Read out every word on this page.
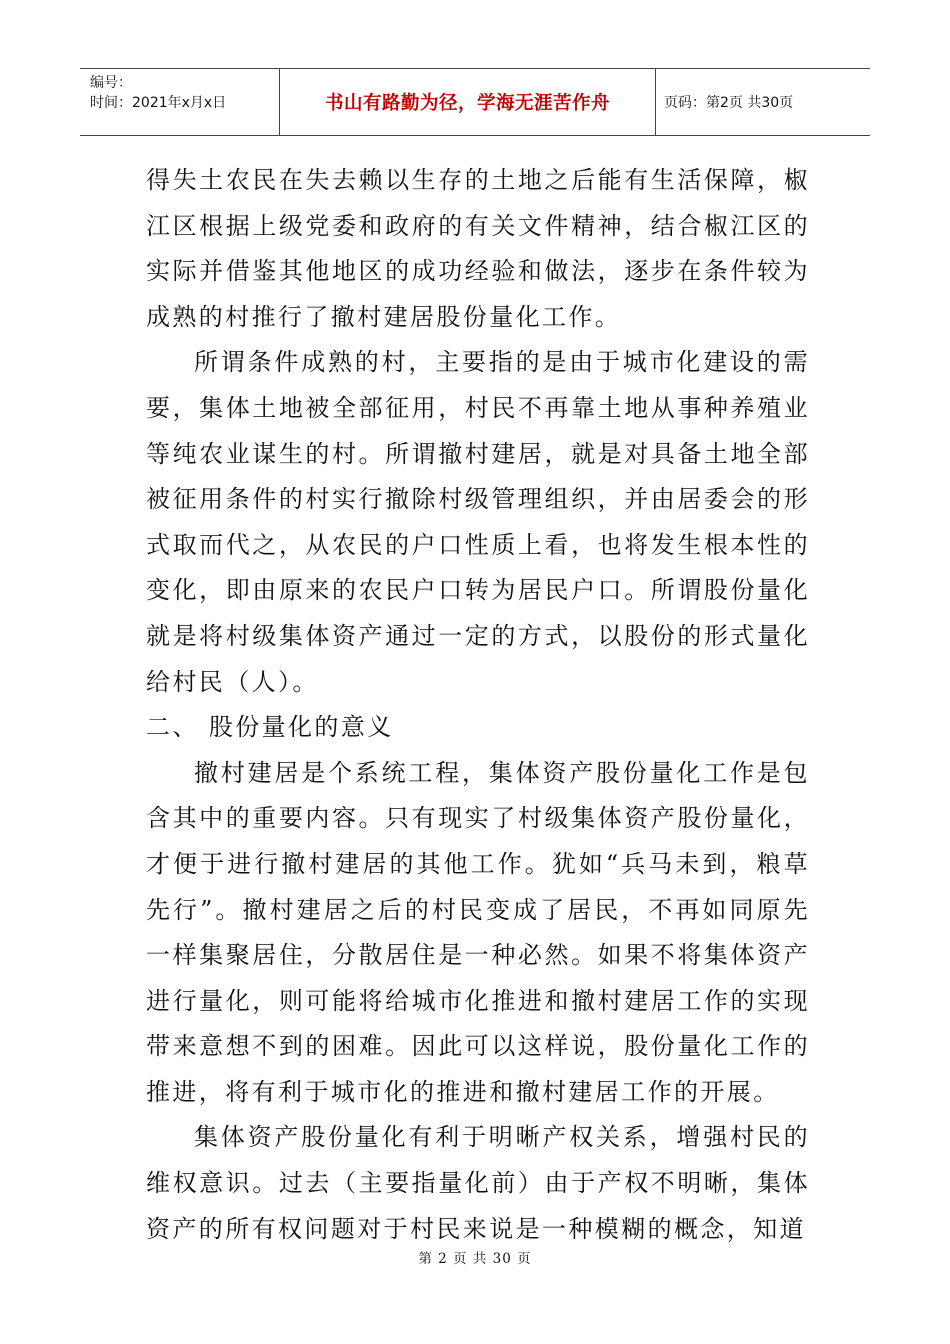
编号：
时间：2021年x月x日	书山有路勤为径，学海无涯苦作舟	页码：第2页 共30页

得失土农民在失去赖以生存的土地之后能有生活保障，椒江区根据上级党委和政府的有关文件精神，结合椒江区的实际并借鉴其他地区的成功经验和做法，逐步在条件较为成熟的村推行了撤村建居股份量化工作。

所谓条件成熟的村，主要指的是由于城市化建设的需要，集体土地被全部征用，村民不再靠土地从事种养殖业等纯农业谋生的村。所谓撤村建居，就是对具备土地全部被征用条件的村实行撤除村级管理组织，并由居委会的形式取而代之，从农民的户口性质上看，也将发生根本性的变化，即由原来的农民户口转为居民户口。所谓股份量化就是将村级集体资产通过一定的方式，以股份的形式量化给村民（人）。

二、 股份量化的意义

撤村建居是个系统工程，集体资产股份量化工作是包含其中的重要内容。只有现实了村级集体资产股份量化，才便于进行撤村建居的其他工作。犹如“兵马未到，粮草先行”。撤村建居之后的村民变成了居民，不再如同原先一样集聚居住，分散居住是一种必然。如果不将集体资产进行量化，则可能将给城市化推进和撤村建居工作的实现带来意想不到的困难。因此可以这样说，股份量化工作的推进，将有利于城市化的推进和撤村建居工作的开展。

集体资产股份量化有利于明晰产权关系，增强村民的维权意识。过去（主要指量化前）由于产权不明晰，集体资产的所有权问题对于村民来说是一种模糊的概念，知道

第 2 页 共 30 页
